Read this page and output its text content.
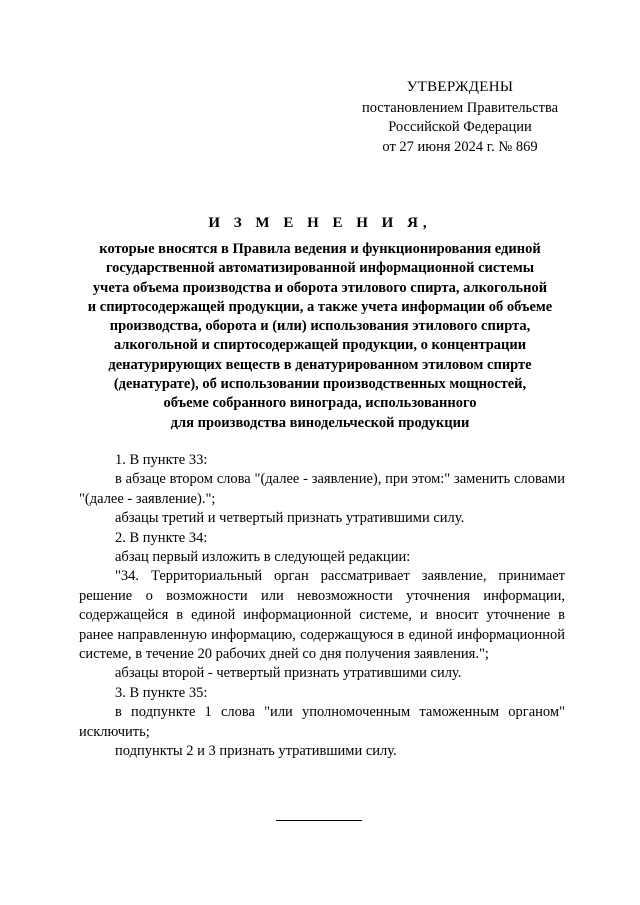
УТВЕРЖДЕНЫ
постановлением Правительства
Российской Федерации
от 27 июня 2024 г. № 869
И З М Е Н Е Н И Я,
которые вносятся в Правила ведения и функционирования единой
государственной автоматизированной информационной системы
учета объема производства и оборота этилового спирта, алкогольной
и спиртосодержащей продукции, а также учета информации об объеме
производства, оборота и (или) использования этилового спирта,
алкогольной и спиртосодержащей продукции, о концентрации
денатурирующих веществ в денатурированном этиловом спирте
(денатурате), об использовании производственных мощностей,
объеме собранного винограда, использованного
для производства винодельческой продукции

1. В пункте 33:

в абзаце втором слова "(далее - заявление), при этом:" заменить словами "(далее - заявление).";

абзацы третий и четвертый признать утратившими силу.

2. В пункте 34:

абзац первый изложить в следующей редакции:

"34. Территориальный орган рассматривает заявление, принимает решение о возможности или невозможности уточнения информации, содержащейся в единой информационной системе, и вносит уточнение в ранее направленную информацию, содержащуюся в единой информационной системе, в течение 20 рабочих дней со дня получения заявления.";

абзацы второй - четвертый признать утратившими силу.

3. В пункте 35:

в подпункте 1 слова "или уполномоченным таможенным органом" исключить;

подпункты 2 и 3 признать утратившими силу.
